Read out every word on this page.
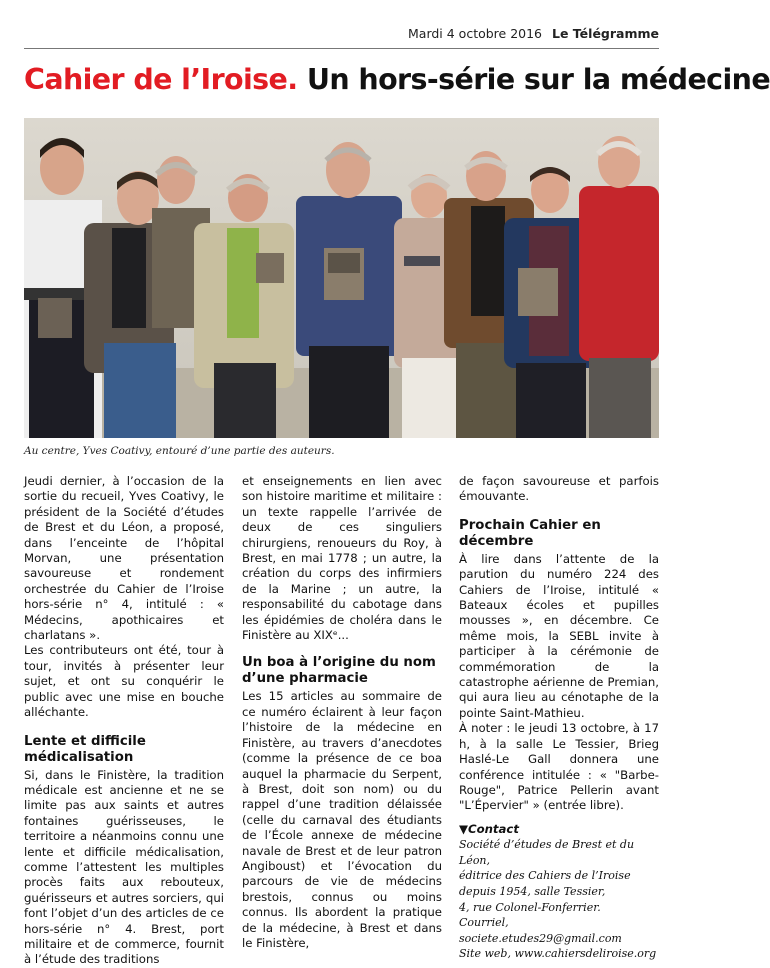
Mardi 4 octobre 2016 Le Télégramme
Cahier de l’Iroise. Un hors-série sur la médecine
Au centre, Yves Coativy, entouré d’une partie des auteurs.

Jeudi dernier, à l’occasion de la sortie du recueil, Yves Coativy, le président de la Société d’études de Brest et du Léon, a proposé, dans l’enceinte de l’hôpital Morvan, une présentation savoureuse et rondement orchestrée du Cahier de l’Iroise hors-série n° 4, intitulé : « Médecins, apothicaires et charlatans ».

Les contributeurs ont été, tour à tour, invités à présenter leur sujet, et ont su conquérir le public avec une mise en bouche alléchante.

Lente et difficile médicalisation

Si, dans le Finistère, la tradition médicale est ancienne et ne se limite pas aux saints et autres fontaines guérisseuses, le territoire a néanmoins connu une lente et difficile médicalisation, comme l’attestent les multiples procès faits aux rebouteux, guérisseurs et autres sorciers, qui font l’objet d’un des articles de ce hors-série n° 4. Brest, port militaire et de commerce, fournit à l’étude des traditions

et enseignements en lien avec son histoire maritime et militaire : un texte rappelle l’arrivée de deux de ces singuliers chirurgiens, renoueurs du Roy, à Brest, en mai 1778 ; un autre, la création du corps des infirmiers de la Marine ; un autre, la responsabilité du cabotage dans les épidémies de choléra dans le Finistère au XIXᵉ...

Un boa à l’origine du nom d’une pharmacie

Les 15 articles au sommaire de ce numéro éclairent à leur façon l’histoire de la médecine en Finistère, au travers d’anecdotes (comme la présence de ce boa auquel la pharmacie du Serpent, à Brest, doit son nom) ou du rappel d’une tradition délaissée (celle du carnaval des étudiants de l’École annexe de médecine navale de Brest et de leur patron Angiboust) et l’évocation du parcours de vie de médecins brestois, connus ou moins connus. Ils abordent la pratique de la médecine, à Brest et dans le Finistère,

de façon savoureuse et parfois émouvante.

Prochain Cahier en décembre

À lire dans l’attente de la parution du numéro 224 des Cahiers de l’Iroise, intitulé « Bateaux écoles et pupilles mousses », en décembre. Ce même mois, la SEBL invite à participer à la cérémonie de commémoration de la catastrophe aérienne de Premian, qui aura lieu au cénotaphe de la pointe Saint-Mathieu.

À noter : le jeudi 13 octobre, à 17 h, à la salle Le Tessier, Brieg Haslé-Le Gall donnera une conférence intitulée : « "Barbe-Rouge", Patrice Pellerin avant "L’Épervier" » (entrée libre).

▼Contact
Société d’études de Brest et du Léon,
éditrice des Cahiers de l’Iroise
depuis 1954, salle Tessier,
4, rue Colonel-Fonferrier.
Courriel, societe.etudes29@gmail.com
Site web, www.cahiersdeliroise.org
